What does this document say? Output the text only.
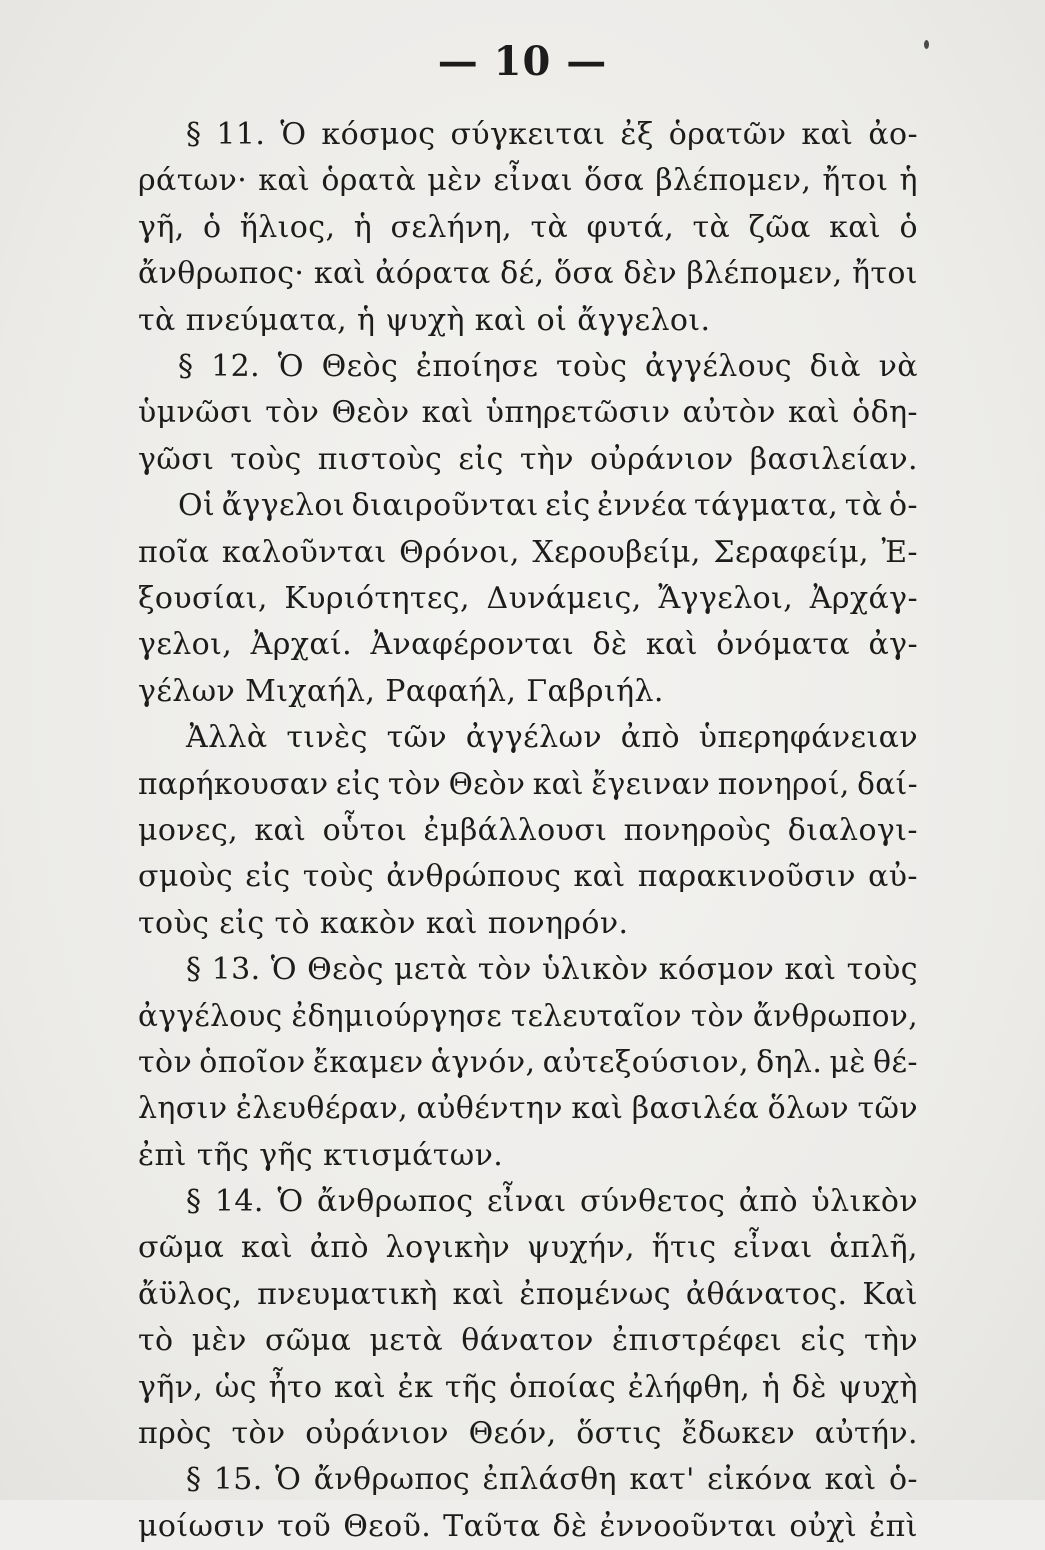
— 10 —
§ 11. Ὁ κόσμος σύγκειται ἐξ ὁρατῶν καὶ ἀο-
ράτων· καὶ ὁρατὰ μὲν εἶναι ὅσα βλέπομεν, ἤτοι ἡ
γῆ, ὁ ἥλιος, ἡ σελήνη, τὰ φυτά, τὰ ζῶα καὶ ὁ
ἄνθρωπος· καὶ ἀόρατα δέ, ὅσα δὲν βλέπομεν, ἤτοι
τὰ πνεύματα, ἡ ψυχὴ καὶ οἱ ἄγγελοι.
§ 12. Ὁ Θεὸς ἐποίησε τοὺς ἀγγέλους διὰ νὰ
ὑμνῶσι τὸν Θεὸν καὶ ὑπηρετῶσιν αὐτὸν καὶ ὁδη-
γῶσι τοὺς πιστοὺς εἰς τὴν οὐράνιον βασιλείαν.
Οἱ ἄγγελοι διαιροῦνται εἰς ἐννέα τάγματα, τὰ ὁ-
ποῖα καλοῦνται Θρόνοι, Χερουβείμ, Σεραφείμ, Ἐ-
ξουσίαι, Κυριότητες, Δυνάμεις, Ἄγγελοι, Ἀρχάγ-
γελοι, Ἀρχαί. Ἀναφέρονται δὲ καὶ ὀνόματα ἀγ-
γέλων Μιχαήλ, Ραφαήλ, Γαβριήλ.
Ἀλλὰ τινὲς τῶν ἀγγέλων ἀπὸ ὑπερηφάνειαν
παρήκουσαν εἰς τὸν Θεὸν καὶ ἔγειναν πονηροί, δαί-
μονες, καὶ οὗτοι ἐμβάλλουσι πονηροὺς διαλογι-
σμοὺς εἰς τοὺς ἀνθρώπους καὶ παρακινοῦσιν αὐ-
τοὺς εἰς τὸ κακὸν καὶ πονηρόν.
§ 13. Ὁ Θεὸς μετὰ τὸν ὑλικὸν κόσμον καὶ τοὺς
ἀγγέλους ἐδημιούργησε τελευταῖον τὸν ἄνθρωπον,
τὸν ὁποῖον ἔκαμεν ἁγνόν, αὐτεξούσιον, δηλ. μὲ θέ-
λησιν ἐλευθέραν, αὐθέντην καὶ βασιλέα ὅλων τῶν
ἐπὶ τῆς γῆς κτισμάτων.
§ 14. Ὁ ἄνθρωπος εἶναι σύνθετος ἀπὸ ὑλικὸν
σῶμα καὶ ἀπὸ λογικὴν ψυχήν, ἥτις εἶναι ἁπλῆ,
ἄϋλος, πνευματικὴ καὶ ἐπομένως ἀθάνατος. Καὶ
τὸ μὲν σῶμα μετὰ θάνατον ἐπιστρέφει εἰς τὴν
γῆν, ὡς ἦτο καὶ ἐκ τῆς ὁποίας ἐλήφθη, ἡ δὲ ψυχὴ
πρὸς τὸν οὐράνιον Θεόν, ὅστις ἔδωκεν αὐτήν.
§ 15. Ὁ ἄνθρωπος ἐπλάσθη κατ' εἰκόνα καὶ ὁ-
μοίωσιν τοῦ Θεοῦ. Ταῦτα δὲ ἐννοοῦνται οὐχὶ ἐπὶ
